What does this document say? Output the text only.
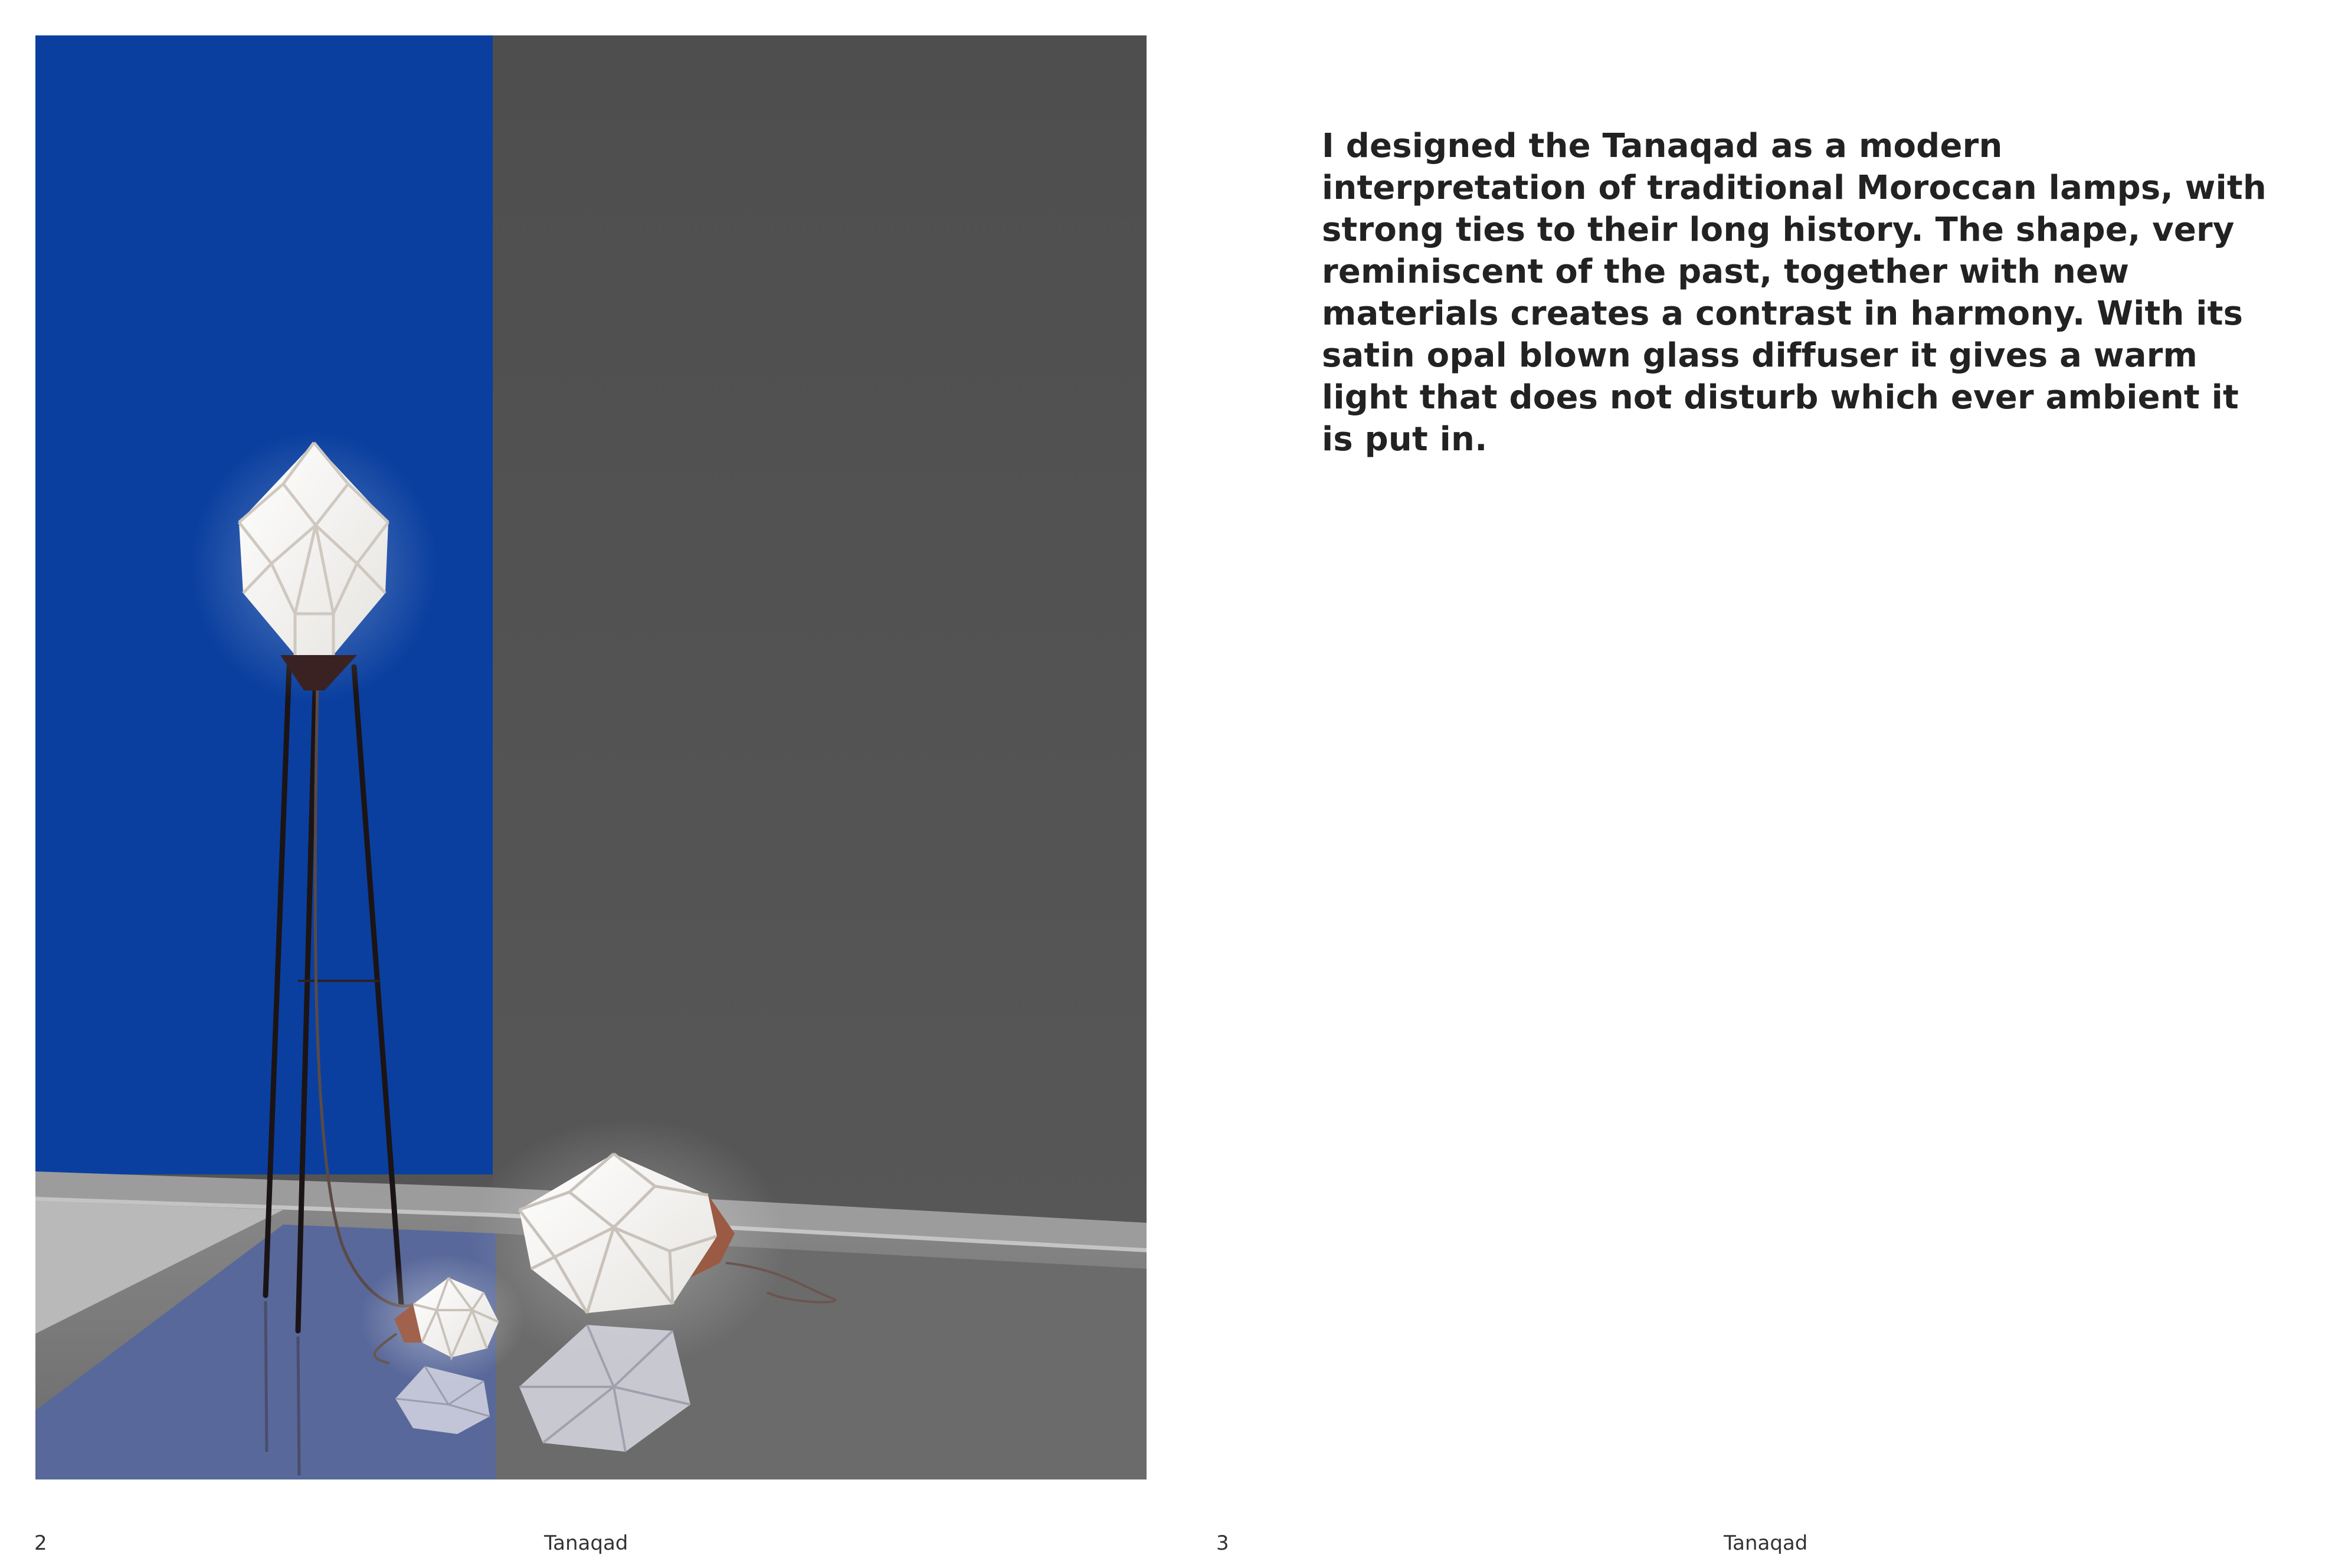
I designed the Tanaqad as a modern
interpretation of traditional Moroccan lamps, with
strong ties to their long history. The shape, very
reminiscent of the past, together with new
materials creates a contrast in harmony. With its
satin opal blown glass diffuser it gives a warm
light that does not disturb which ever ambient it
is put in.
2	Tanaqad	3	Tanaqad
